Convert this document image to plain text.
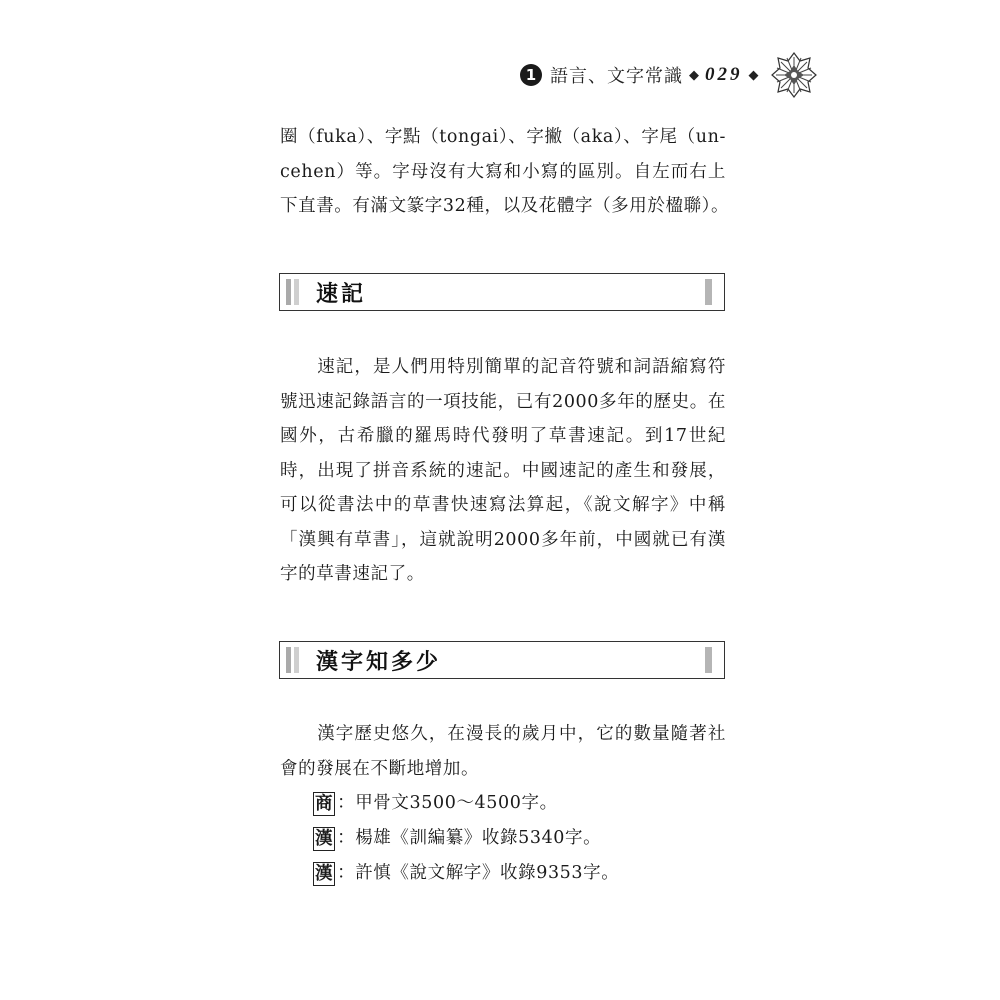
1 語言、文字常識 ◆ 029 ◆
圈（fuka）、字點（tongai）、字撇（aka）、字尾（un-
cehen）等。字母沒有大寫和小寫的區別。自左而右上
下直書。有滿文篆字32種，以及花體字（多用於楹聯）。
速記
　　速記，是人們用特別簡單的記音符號和詞語縮寫符
號迅速記錄語言的一項技能，已有2000多年的歷史。在
國外，古希臘的羅馬時代發明了草書速記。到17世紀
時，出現了拼音系統的速記。中國速記的產生和發展，
可以從書法中的草書快速寫法算起，《說文解字》中稱
「漢興有草書」，這就說明2000多年前，中國就已有漢
字的草書速記了。
漢字知多少
　　漢字歷史悠久，在漫長的歲月中，它的數量隨著社
會的發展在不斷地增加。
商 ：甲骨文3500～4500字。
漢 ：楊雄《訓編纂》收錄5340字。
漢 ：許慎《說文解字》收錄9353字。
